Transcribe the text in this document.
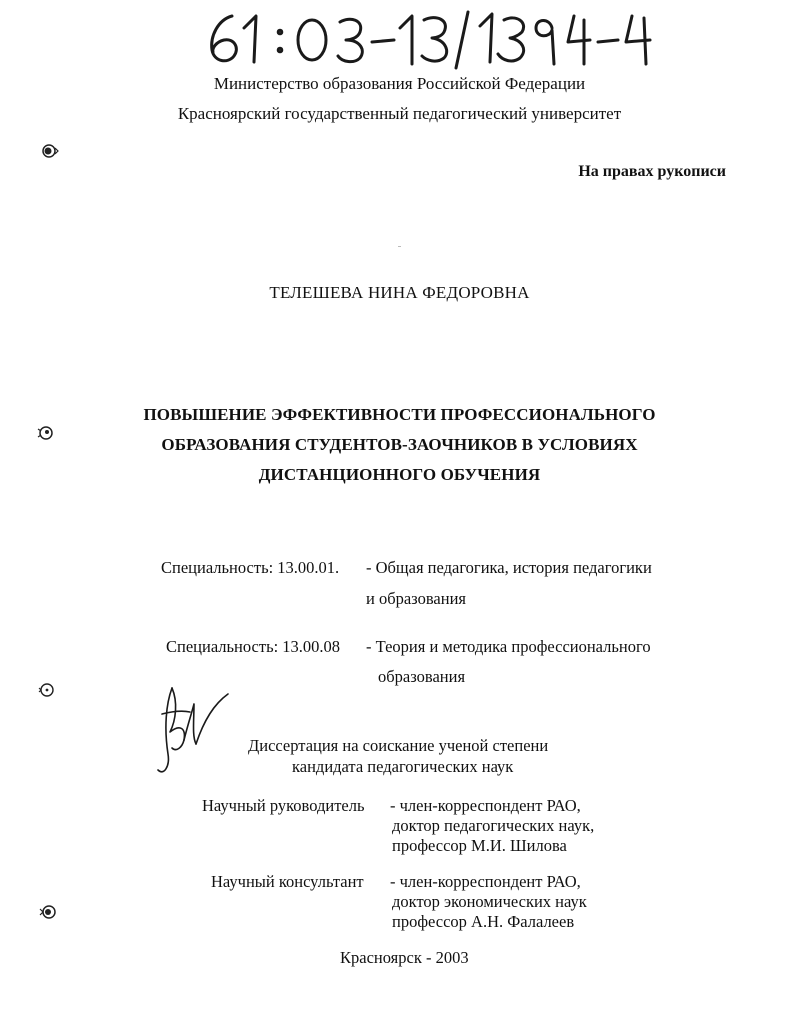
Министерство образования Российской Федерации
Красноярский государственный педагогический университет
На правах рукописи
ТЕЛЕШЕВА НИНА ФЕДОРОВНА
ПОВЫШЕНИЕ ЭФФЕКТИВНОСТИ ПРОФЕССИОНАЛЬНОГО
ОБРАЗОВАНИЯ СТУДЕНТОВ-ЗАОЧНИКОВ В УСЛОВИЯХ
ДИСТАНЦИОННОГО ОБУЧЕНИЯ
Специальность: 13.00.01. - Общая педагогика, история педагогики
и образования
Специальность: 13.00.08 - Теория и методика профессионального
образования
Диссертация на соискание ученой степени
кандидата педагогических наук
Научный руководитель - член-корреспондент РАО,
доктор педагогических наук,
профессор М.И. Шилова
Научный консультант - член-корреспондент РАО,
доктор экономических наук
профессор А.Н. Фалалеев
Красноярск - 2003
